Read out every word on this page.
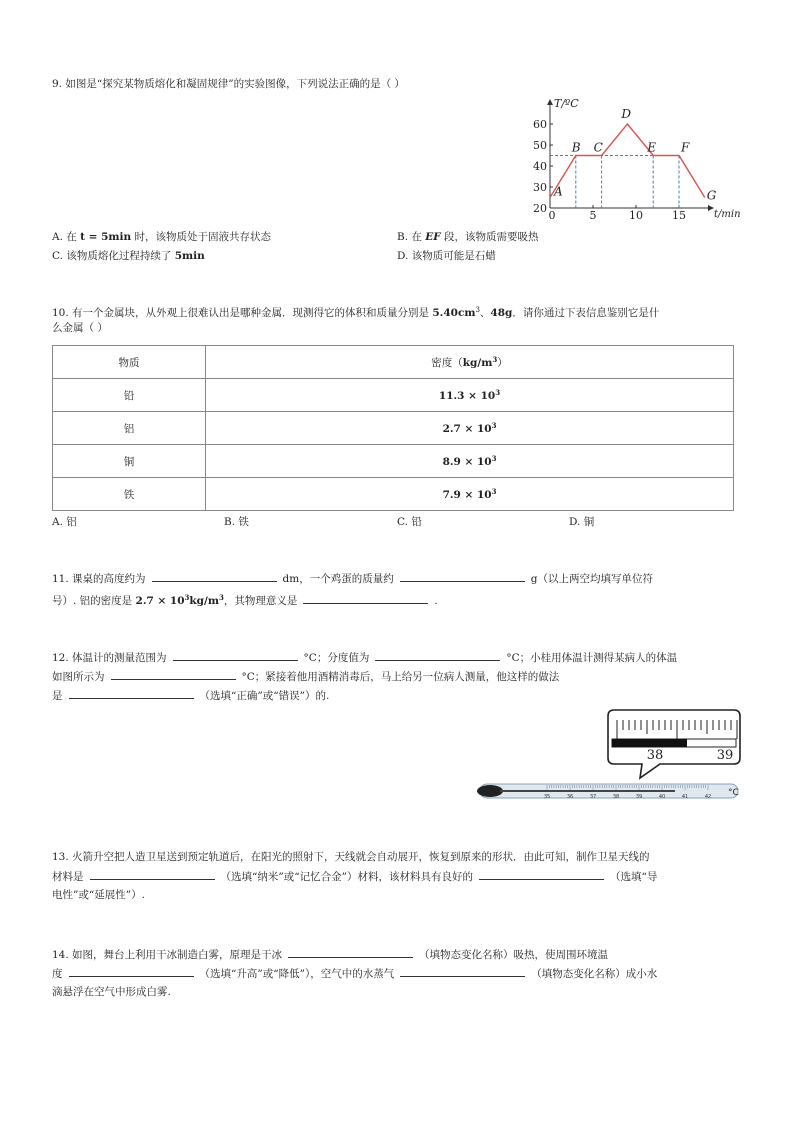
9. 如图是“探究某物质熔化和凝固规律”的实验图像，下列说法正确的是（ ）
T/ºC
t/min
20
30
40
50
60
0	5	10	15
A
B C
D
E F
G
A. 在 t = 5min 时，该物质处于固液共存状态	B. 在 EF 段，该物质需要吸热
C. 该物质熔化过程持续了 5min	D. 该物质可能是石蜡
10. 有一个金属块，从外观上很难认出是哪种金属．现测得它的体积和质量分别是 $5.40cm^3$、48g．请你通过下表信息鉴别它是什
么金属（ ）
物质	密度$(kg/m^3)$
铅	$11.3 \times 10^3$
铝	$2.7 \times 10^3$
铜	$8.9 \times 10^3$
铁	$7.9 \times 10^3$
A. 铝	B. 铁	C. 铅	D. 铜
11. 课桌的高度约为	dm，一个鸡蛋的质量约	g（以上两空均填写单位符
号）. 铝的密度是 $2.7 \times 10^3kg/m^3$，其物理意义是	.
12. 体温计的测量范围为	°C；分度值为	°C；小桂用体温计测得某病人的体温
如图所示为	°C；紧接着他用酒精消毒后，马上给另一位病人测量，他这样的做法
是	（选填“正确”或“错误”）的.
38	39
35	36	37	38	39	40	41	42 °C
13. 火箭升空把人造卫星送到预定轨道后，在阳光的照射下，天线就会自动展开，恢复到原来的形状．由此可知，制作卫星天线的
材料是	（选填“纳米”或“记忆合金”）材料，该材料具有良好的	（选填“导
电性”或“延展性”）.
14. 如图，舞台上利用干冰制造白雾，原理是干冰	（填物态变化名称）吸热，使周围环境温
度	（选填“升高”或“降低”），空气中的水蒸气	（填物态变化名称）成小水
滴悬浮在空气中形成白雾.
